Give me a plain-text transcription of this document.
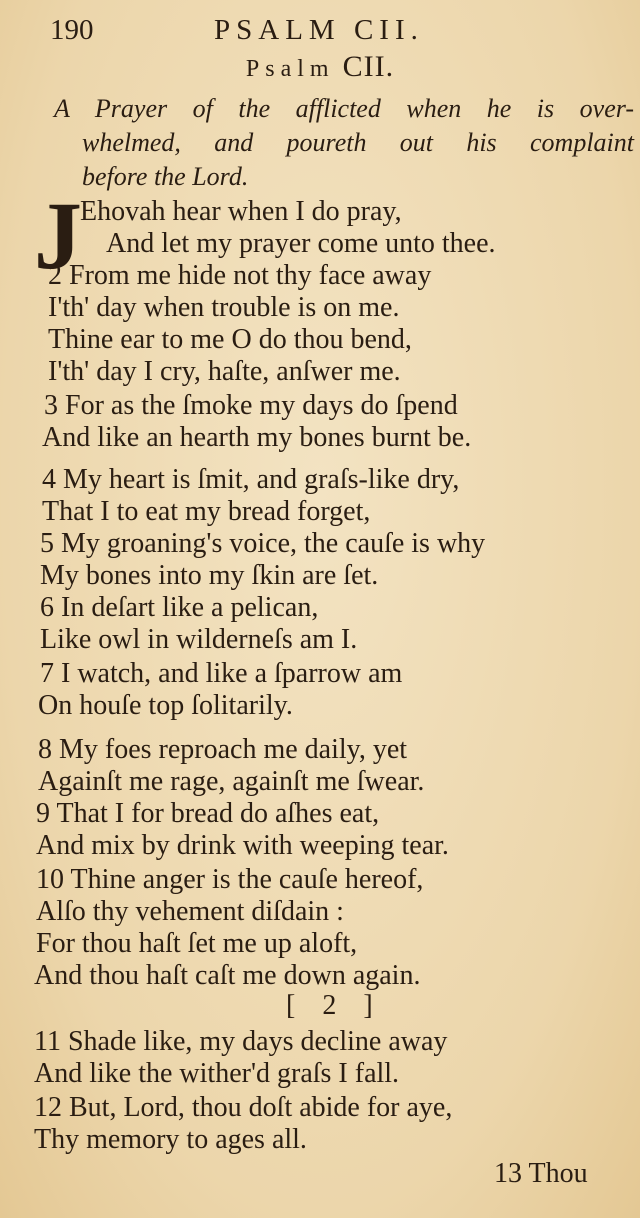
190	PSALM CII.
Psalm CII.
A Prayer of the afflicted when he is over-
whelmed, and poureth out his complaint
before the Lord.
J
Ehovah hear when I do pray,
And let my prayer come unto thee.
2 From me hide not thy face away
I'th' day when trouble is on me.
Thine ear to me O do thou bend,
I'th' day I cry, haſte, anſwer me.
3 For as the ſmoke my days do ſpend
And like an hearth my bones burnt be.
4 My heart is ſmit, and graſs-like dry,
That I to eat my bread forget,
5 My groaning's voice, the cauſe is why
My bones into my ſkin are ſet.
6 In deſart like a pelican,
Like owl in wilderneſs am I.
7 I watch, and like a ſparrow am
On houſe top ſolitarily.
8 My foes reproach me daily, yet
Againſt me rage, againſt me ſwear.
9 That I for bread do aſhes eat,
And mix by drink with weeping tear.
10 Thine anger is the cauſe hereof,
Alſo thy vehement diſdain :
For thou haſt ſet me up aloft,
And thou haſt caſt me down again.
[ 2 ]
11 Shade like, my days decline away
And like the wither'd graſs I fall.
12 But, Lord, thou doſt abide for aye,
Thy memory to ages all.
13 Thou
